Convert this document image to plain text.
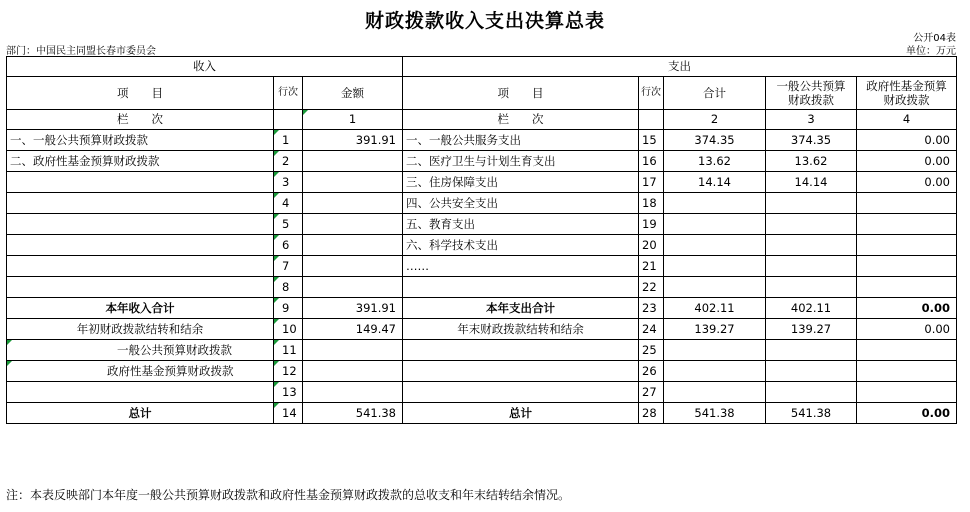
财政拨款收入支出决算总表
公开04表
部门：中国民主同盟长春市委员会	单位：万元
收入			支出				
项　　目	行次	金额	项　　目	行次	合计	一般公共预算
财政拨款	政府性基金预算
财政拨款
栏　　次		1	栏　　次		2	3	4
一、一般公共预算财政拨款	1	391.91	一、一般公共服务支出	15	374.35	374.35	0.00
二、政府性基金预算财政拨款	2		二、医疗卫生与计划生育支出	16	13.62	13.62	0.00
	3		三、住房保障支出	17	14.14	14.14	0.00
	4		四、公共安全支出	18			
	5		五、教育支出	19			
	6		六、科学技术支出	20			
	7		……	21			
	8			22			
本年收入合计	9	391.91	本年支出合计	23	402.11	402.11	0.00
年初财政拨款结转和结余	10	149.47	年末财政拨款结转和结余	24	139.27	139.27	0.00
一般公共预算财政拨款	11			25			
政府性基金预算财政拨款	12			26			
	13			27			
总计	14	541.38	总计	28	541.38	541.38	0.00
注：本表反映部门本年度一般公共预算财政拨款和政府性基金预算财政拨款的总收支和年末结转结余情况。
